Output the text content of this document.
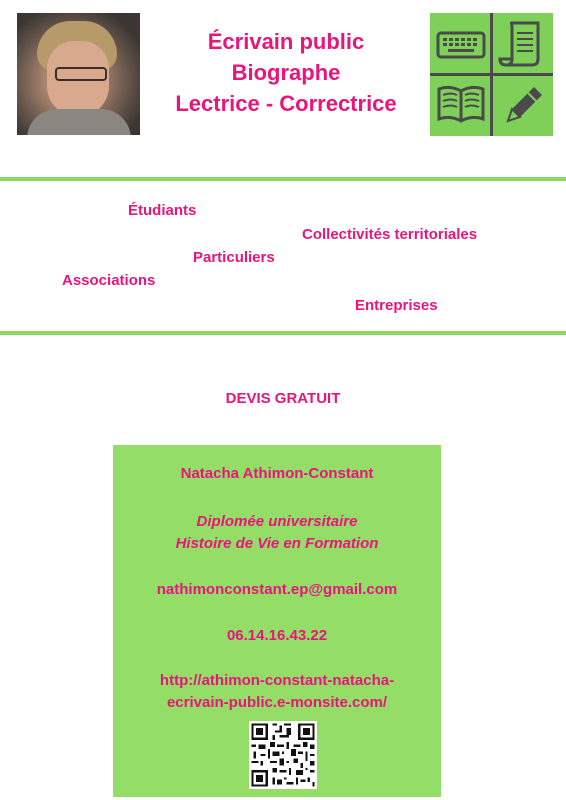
Écrivain public
Biographe
Lectrice - Correctrice
Étudiants
Collectivités territoriales
Particuliers
Associations
Entreprises
DEVIS GRATUIT
Natacha Athimon-Constant
Diplomée universitaire
Histoire de Vie en Formation
nathimonconstant.ep@gmail.com
06.14.16.43.22
http://athimon-constant-natacha-
ecrivain-public.e-monsite.com/
